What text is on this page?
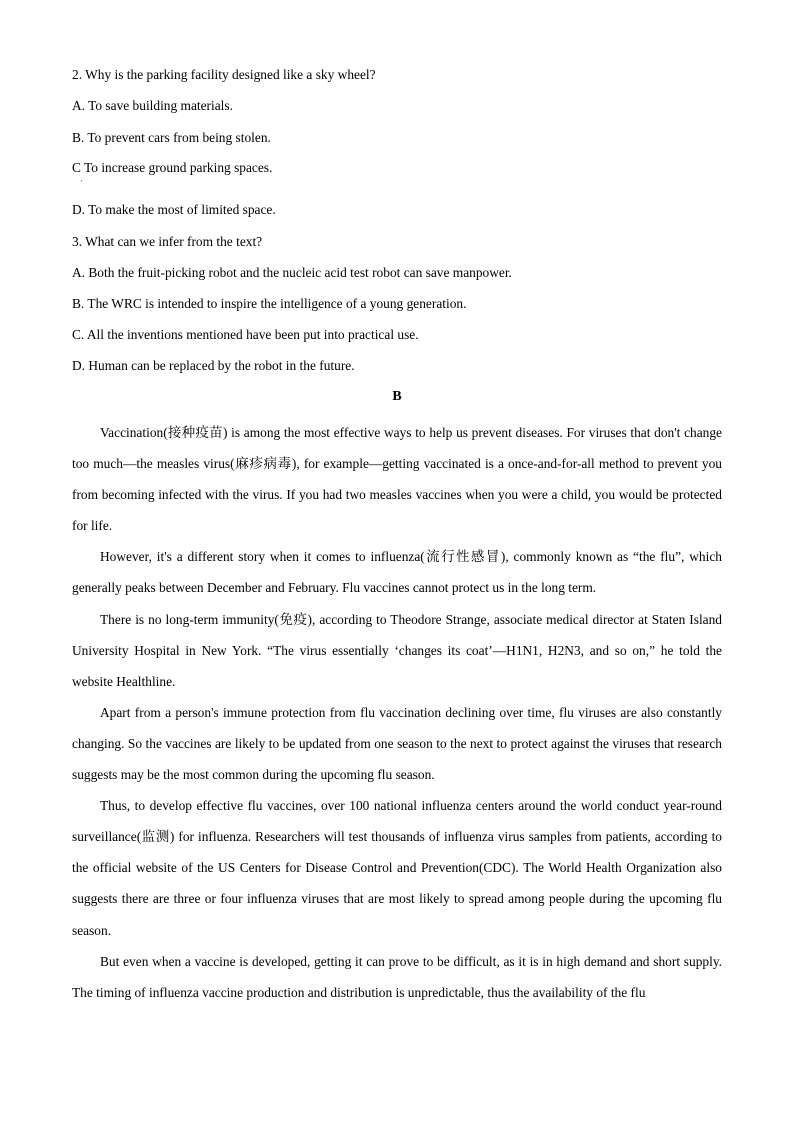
2. Why is the parking facility designed like a sky wheel?
A. To save building materials.
B. To prevent cars from being stolen.
C To increase ground parking spaces.
·
D. To make the most of limited space.
3. What can we infer from the text?
A. Both the fruit-picking robot and the nucleic acid test robot can save manpower.
B. The WRC is intended to inspire the intelligence of a young generation.
C. All the inventions mentioned have been put into practical use.
D. Human can be replaced by the robot in the future.
B

Vaccination(接种疫苗) is among the most effective ways to help us prevent diseases. For viruses that don't change too much—the measles virus(麻疹病毒), for example—getting vaccinated is a once-and-for-all method to prevent you from becoming infected with the virus. If you had two measles vaccines when you were a child, you would be protected for life.

However, it's a different story when it comes to influenza(流行性感冒), commonly known as “the flu”, which generally peaks between December and February. Flu vaccines cannot protect us in the long term.

There is no long-term immunity(免疫), according to Theodore Strange, associate medical director at Staten Island University Hospital in New York. “The virus essentially ‘changes its coat’—H1N1, H2N3, and so on,” he told the website Healthline.

Apart from a person's immune protection from flu vaccination declining over time, flu viruses are also constantly changing. So the vaccines are likely to be updated from one season to the next to protect against the viruses that research suggests may be the most common during the upcoming flu season.

Thus, to develop effective flu vaccines, over 100 national influenza centers around the world conduct year-round surveillance(监测) for influenza. Researchers will test thousands of influenza virus samples from patients, according to the official website of the US Centers for Disease Control and Prevention(CDC). The World Health Organization also suggests there are three or four influenza viruses that are most likely to spread among people during the upcoming flu season.

But even when a vaccine is developed, getting it can prove to be difficult, as it is in high demand and short supply. The timing of influenza vaccine production and distribution is unpredictable, thus the availability of the flu
